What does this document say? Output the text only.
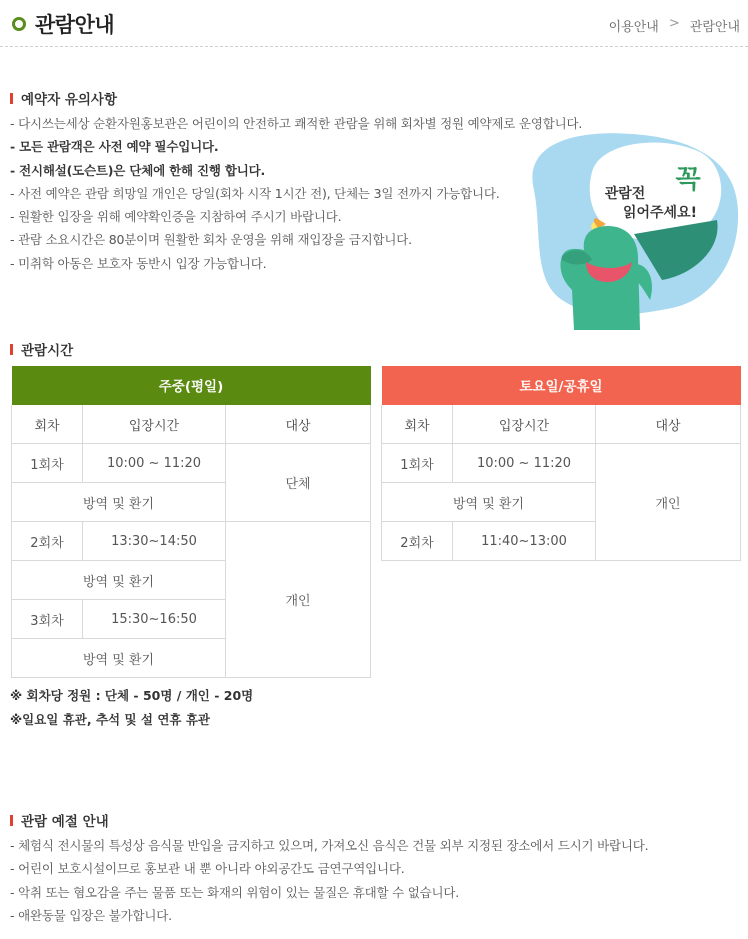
관람안내	이용안내 > 관람안내
예약자 유의사항
- 다시쓰는세상 순환자원홍보관은 어린이의 안전하고 쾌적한 관람을 위해 회차별 정원 예약제로 운영합니다.
- 모든 관람객은 사전 예약 필수입니다.
- 전시해설(도슨트)은 단체에 한해 진행 합니다.
- 사전 예약은 관람 희망일 개인은 당일(회차 시작 1시간 전), 단체는 3일 전까지 가능합니다.
- 원활한 입장을 위해 예약확인증을 지참하여 주시기 바랍니다.
- 관람 소요시간은 80분이며 원활한 회차 운영을 위해 재입장을 금지합니다.
- 미취학 아동은 보호자 동반시 입장 가능합니다.
관람전 꼭
읽어주세요!
관람시간
주중(평일)		
회차	입장시간	대상
1회차	10:00 ~ 11:20	단체
방역 및 환기		
2회차	13:30~14:50	개인
방역 및 환기		
3회차	15:30~16:50	
방역 및 환기		
토요일/공휴일		
회차	입장시간	대상
1회차	10:00 ~ 11:20	개인
방역 및 환기		
2회차	11:40~13:00	
※ 회차당 정원 : 단체 - 50명 / 개인 - 20명
※일요일 휴관, 추석 및 설 연휴 휴관
관람 예절 안내
- 체험식 전시물의 특성상 음식물 반입을 금지하고 있으며, 가져오신 음식은 건물 외부 지정된 장소에서 드시기 바랍니다.
- 어린이 보호시설이므로 홍보관 내 뿐 아니라 야외공간도 금연구역입니다.
- 악취 또는 혐오감을 주는 물품 또는 화재의 위험이 있는 물질은 휴대할 수 없습니다.
- 애완동물 입장은 불가합니다.
